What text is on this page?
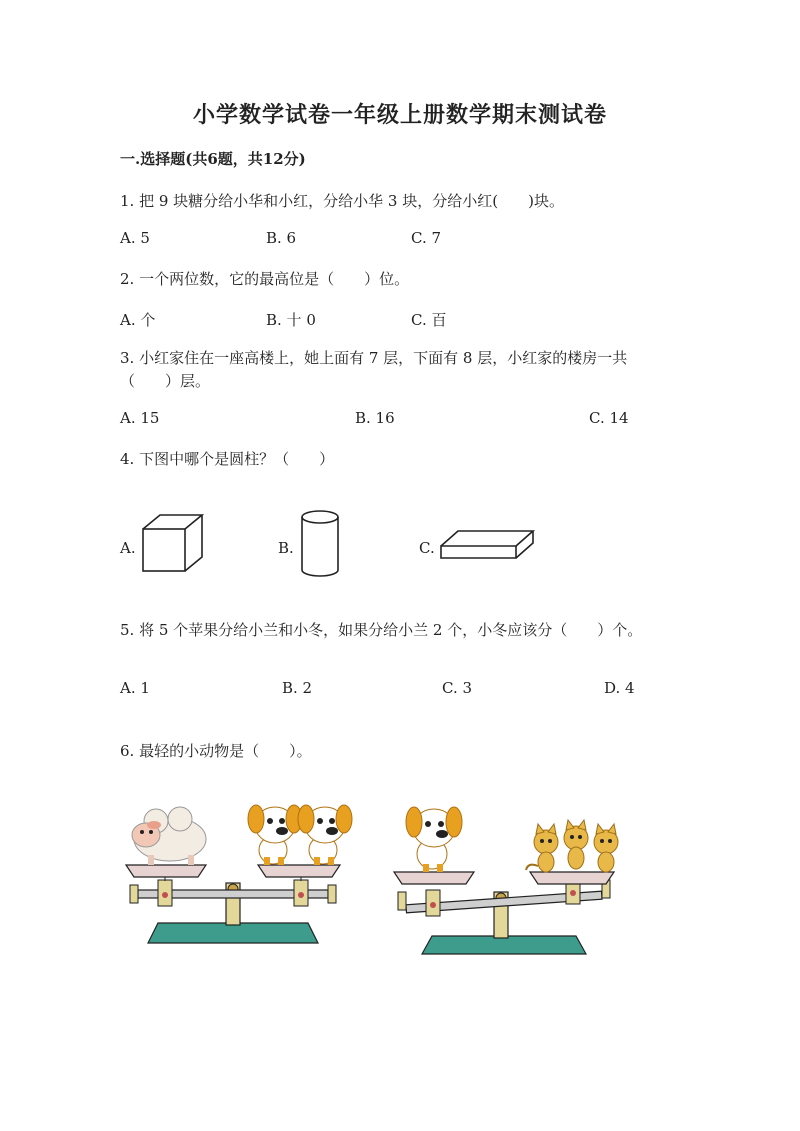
小学数学试卷一年级上册数学期末测试卷
一.选择题(共6题，共12分)
1. 把 9 块糖分给小华和小红，分给小华 3 块，分给小红(　　)块。
A. 5	B. 6	C. 7
2. 一个两位数，它的最高位是（　　）位。
A. 个	B. 十 0	C. 百
3. 小红家住在一座高楼上，她上面有 7 层，下面有 8 层，小红家的楼房一共
（　　）层。
A. 15	B. 16	C. 14
4. 下图中哪个是圆柱？（　　）
A.	B.	C.
5. 将 5 个苹果分给小兰和小冬，如果分给小兰 2 个，小冬应该分（　　）个。
A. 1	B. 2	C. 3	D. 4
6. 最轻的小动物是（　　）。
